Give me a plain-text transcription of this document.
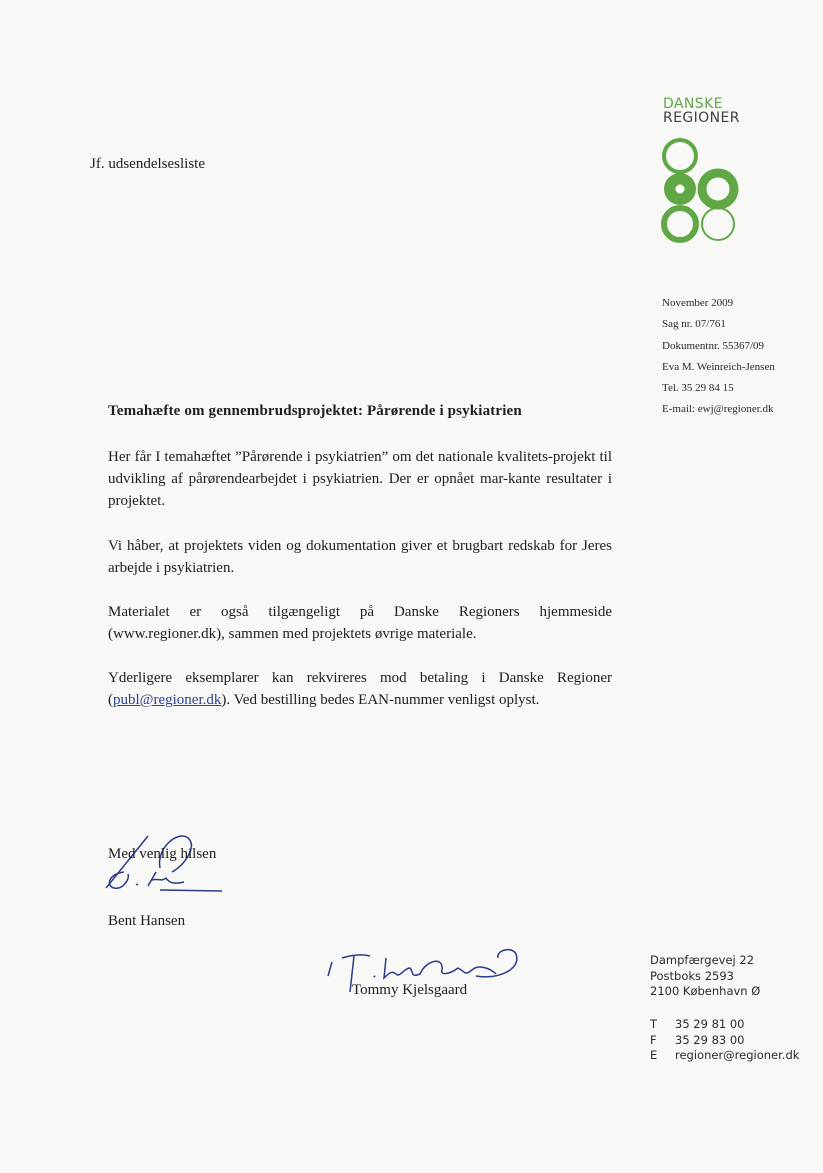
DANSKE
REGIONER
Jf. udsendelsesliste
November 2009
Sag nr. 07/761
Dokumentnr. 55367/09
Eva M. Weinreich-Jensen
Tel. 35 29 84 15
E-mail: ewj@regioner.dk
Temahæfte om gennembrudsprojektet: Pårørende i psykiatrien

Her får I temahæftet ”Pårørende i psykiatrien” om det nationale kvalitets-projekt til udvikling af pårørendearbejdet i psykiatrien. Der er opnået mar-kante resultater i projektet.

Vi håber, at projektets viden og dokumentation giver et brugbart redskab for Jeres arbejde i psykiatrien.

Materialet er også tilgængeligt på Danske Regioners hjemmeside (www.regioner.dk), sammen med projektets øvrige materiale.

Yderligere eksemplarer kan rekvireres mod betaling i Danske Regioner (publ@regioner.dk). Ved bestilling bedes EAN-nummer venligst oplyst.

Med venlig hilsen
Bent Hansen
Tommy Kjelsgaard
Dampfærgevej 22
Postboks 2593
2100 København Ø
T	35 29 81 00
F	35 29 83 00
E	regioner@regioner.dk
